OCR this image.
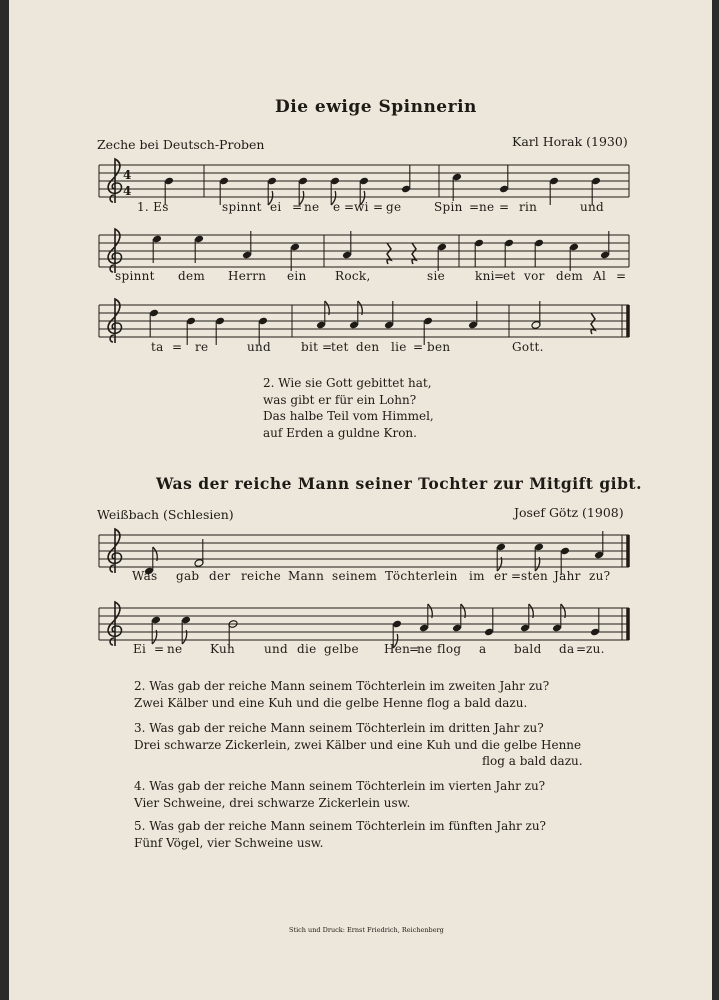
Die ewige Spinnerin
Zeche bei Deutsch-Proben	Karl Horak (1930)
4
4
1. Es	spinnt ei = ne e = wi = ge	Spin = ne = rin	und
spinnt dem Herrn ein Rock,	sie	kni =
et vor dem Al =
ta = re	und bit =
tet den lie = ben	Gott.
2. Wie sie Gott gebittet hat,
was gibt er für ein Lohn?
Das halbe Teil vom Himmel,
auf Erden a guldne Kron.
Was der reiche Mann seiner Tochter zur Mitgift gibt.
Weißbach (Schlesien)	Josef Götz (1908)
Was gab der reiche Mann seinem Töchterlein im er = sten Jahr zu?
Ei = ne Kuh und die gelbe Hen
=
ne flog a bald da = zu.
2. Was gab der reiche Mann seinem Töchterlein im zweiten Jahr zu?
Zwei Kälber und eine Kuh und die gelbe Henne flog a bald dazu.
3. Was gab der reiche Mann seinem Töchterlein im dritten Jahr zu?
Drei schwarze Zickerlein, zwei Kälber und eine Kuh und die gelbe Henne
flog a bald dazu.
4. Was gab der reiche Mann seinem Töchterlein im vierten Jahr zu?
Vier Schweine, drei schwarze Zickerlein usw.
5. Was gab der reiche Mann seinem Töchterlein im fünften Jahr zu?
Fünf Vögel, vier Schweine usw.
Stich und Druck: Ernst Friedrich, Reichenberg
